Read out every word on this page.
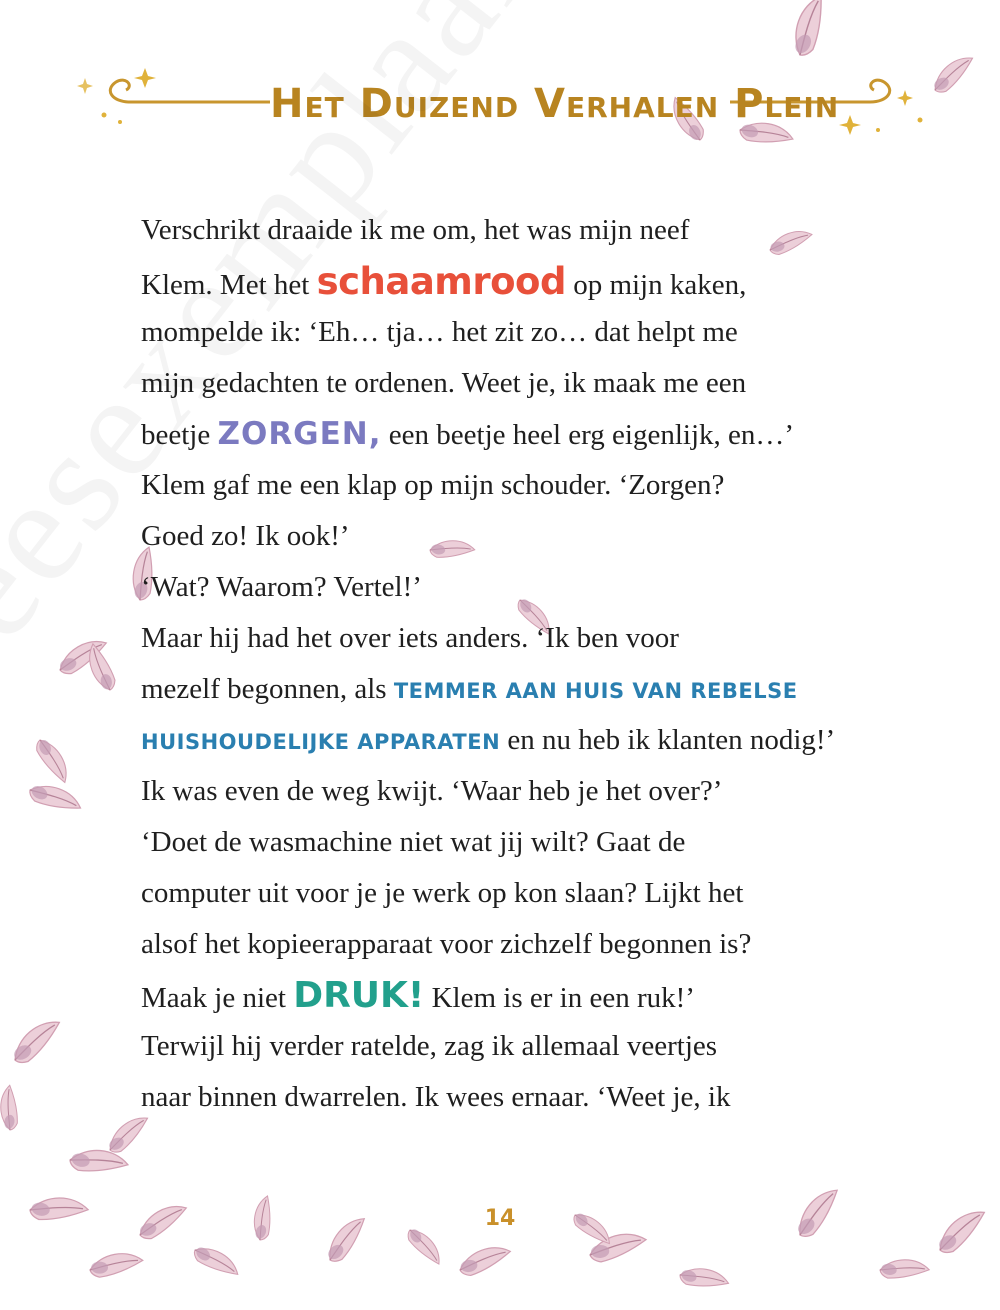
Het Duizend Verhalen Plein
Verschrikt draaide ik me om, het was mijn neef
Klem. Met het schaamrood op mijn kaken,
mompelde ik: ‘Eh… tja… het zit zo… dat helpt me
mijn gedachten te ordenen. Weet je, ik maak me een
beetje ZORGEN, een beetje heel erg eigenlijk, en…’
Klem gaf me een klap op mijn schouder. ‘Zorgen?
Goed zo! Ik ook!’
‘Wat? Waarom? Vertel!’
Maar hij had het over iets anders. ‘Ik ben voor
mezelf begonnen, als TEMMER AAN HUIS VAN REBELSE
HUISHOUDELIJKE APPARATEN en nu heb ik klanten nodig!’
Ik was even de weg kwijt. ‘Waar heb je het over?’
‘Doet de wasmachine niet wat jij wilt? Gaat de
computer uit voor je je werk op kon slaan? Lijkt het
alsof het kopieerapparaat voor zichzelf begonnen is?
Maak je niet DRUK! Klem is er in een ruk!’
Terwijl hij verder ratelde, zag ik allemaal veertjes
naar binnen dwarrelen. Ik wees ernaar. ‘Weet je, ik
14
